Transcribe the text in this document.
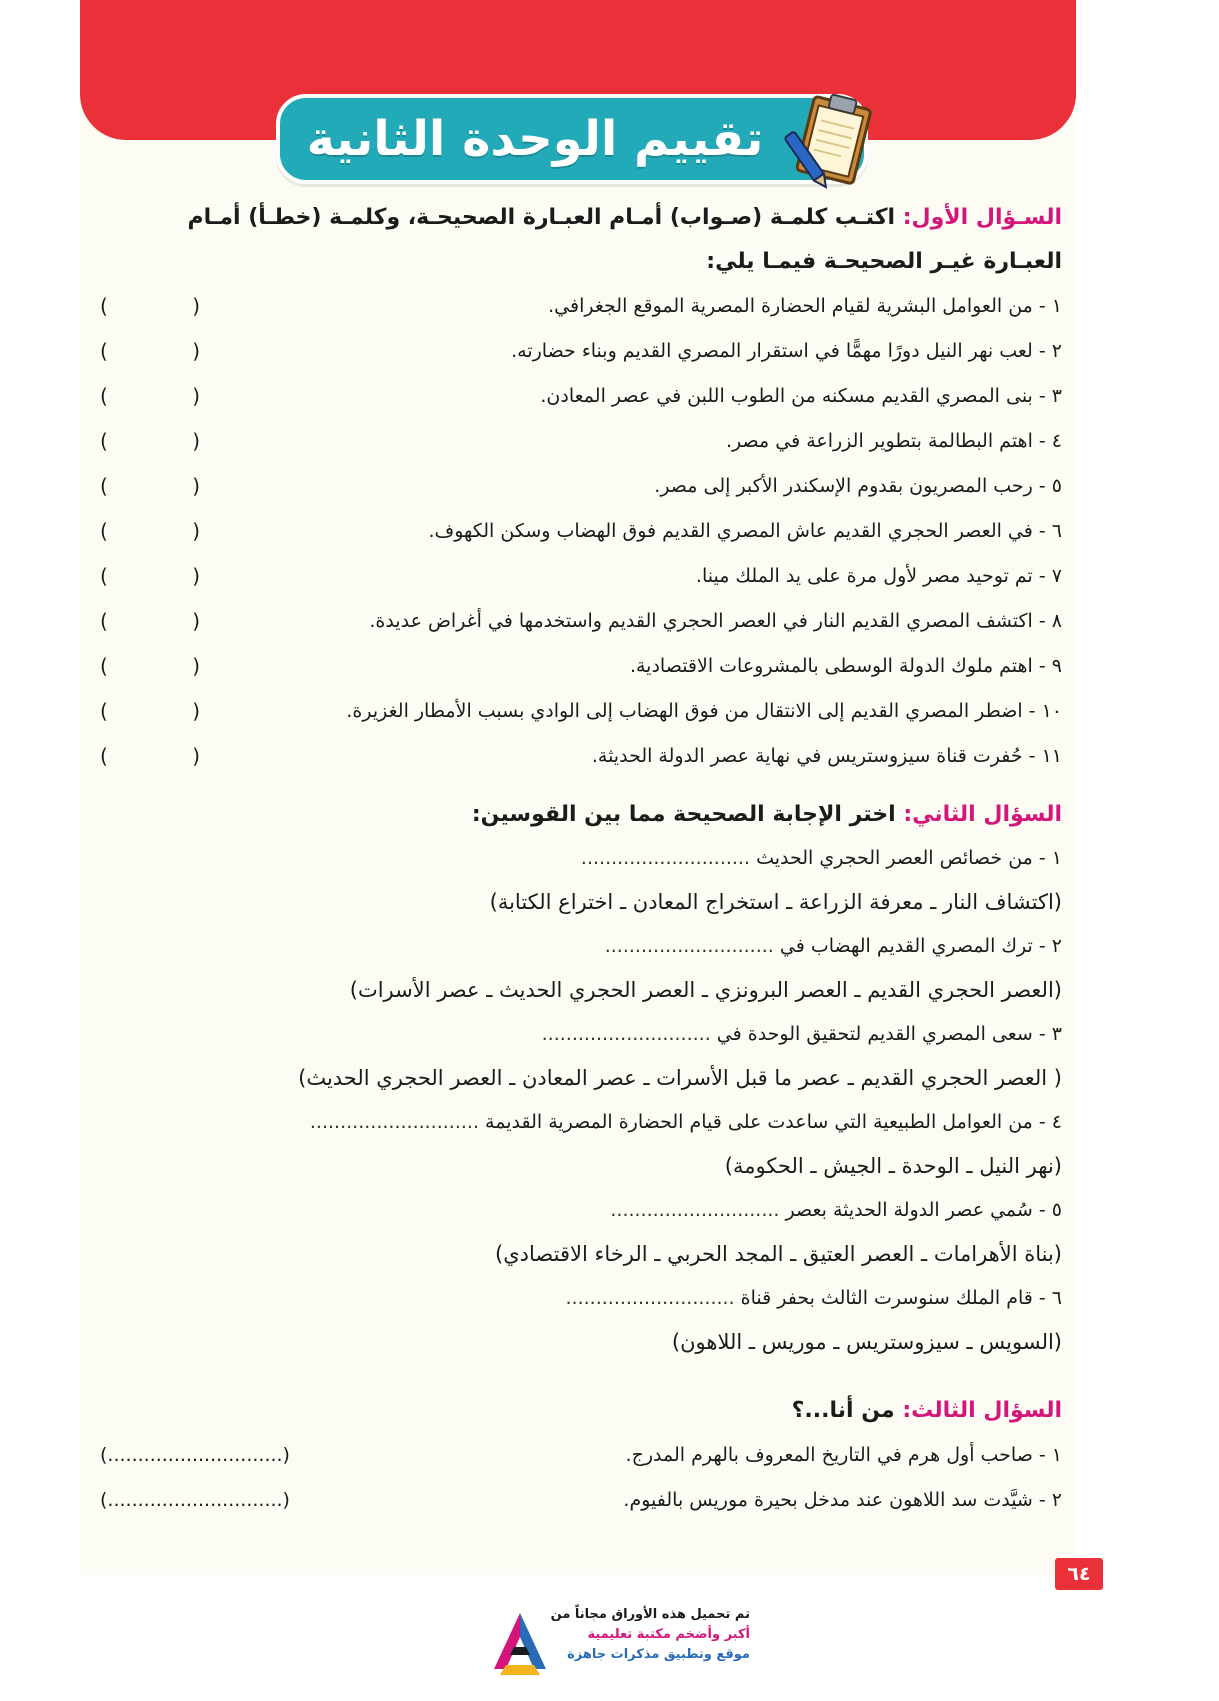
تقييم الوحدة الثانية
السـؤال الأول: اكتـب كلمـة (صـواب) أمـام العبـارة الصحيحـة، وكلمـة (خطـأ) أمـام
العبـارة غيـر الصحيحـة فيمـا يلي:
١ - من العوامل البشرية لقيام الحضارة المصرية الموقع الجغرافي.
(
)
٢ - لعب نهر النيل دورًا مهمًّا في استقرار المصري القديم وبناء حضارته.
(
)
٣ - بنى المصري القديم مسكنه من الطوب اللبن في عصر المعادن.
(
)
٤ - اهتم البطالمة بتطوير الزراعة في مصر.
(
)
٥ - رحب المصريون بقدوم الإسكندر الأكبر إلى مصر.
(
)
٦ - في العصر الحجري القديم عاش المصري القديم فوق الهضاب وسكن الكهوف.
(
)
٧ - تم توحيد مصر لأول مرة على يد الملك مينا.
(
)
٨ - اكتشف المصري القديم النار في العصر الحجري القديم واستخدمها في أغراض عديدة.
(
)
٩ - اهتم ملوك الدولة الوسطى بالمشروعات الاقتصادية.
(
)
١٠ - اضطر المصري القديم إلى الانتقال من فوق الهضاب إلى الوادي بسبب الأمطار الغزيرة.
(
)
١١ - حُفرت قناة سيزوستريس في نهاية عصر الدولة الحديثة.
(
)
السؤال الثاني: اختر الإجابة الصحيحة مما بين القوسين:
١ - من خصائص العصر الحجري الحديث ............................
(اكتشاف النار ـ معرفة الزراعة ـ استخراج المعادن ـ اختراع الكتابة)
٢ - ترك المصري القديم الهضاب في ............................
(العصر الحجري القديم ـ العصر البرونزي ـ العصر الحجري الحديث ـ عصر الأسرات)
٣ - سعى المصري القديم لتحقيق الوحدة في ............................
( العصر الحجري القديم ـ عصر ما قبل الأسرات ـ عصر المعادن ـ العصر الحجري الحديث)
٤ - من العوامل الطبيعية التي ساعدت على قيام الحضارة المصرية القديمة ............................
(نهر النيل ـ الوحدة ـ الجيش ـ الحكومة)
٥ - سُمي عصر الدولة الحديثة بعصر ............................
(بناة الأهرامات ـ العصر العتيق ـ المجد الحربي ـ الرخاء الاقتصادي)
٦ - قام الملك سنوسرت الثالث بحفر قناة ............................
(السويس ـ سيزوستريس ـ موريس ـ اللاهون)
السؤال الثالث: من أنا...؟
١ - صاحب أول هرم في التاريخ المعروف بالهرم المدرج.
(.............................)
٢ - شيَّدت سد اللاهون عند مدخل بحيرة موريس بالفيوم.
(.............................)
٦٤
تم تحميل هذه الأوراق مجاناً من
أكبر وأضخم مكتبة تعليمية
موقع وتطبيق مذكرات جاهزة
